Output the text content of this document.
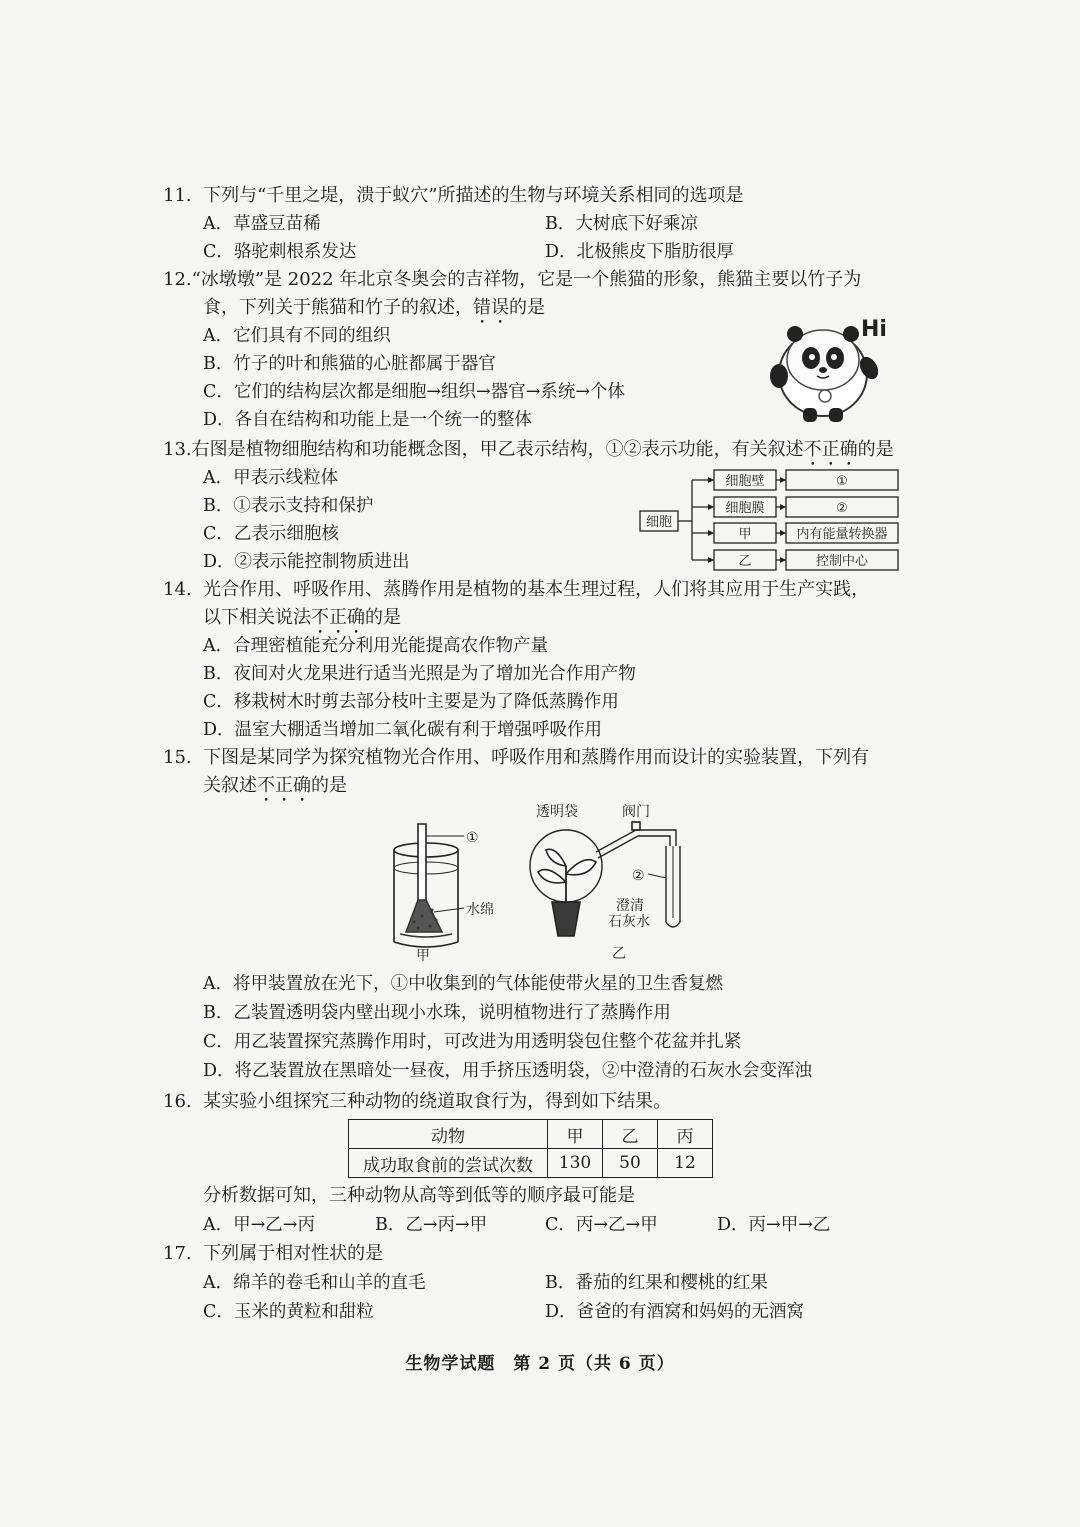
11. 下列与“千里之堤，溃于蚁穴”所描述的生物与环境关系相同的选项是
A．草盛豆苗稀	B．大树底下好乘凉
C．骆驼刺根系发达	D．北极熊皮下脂肪很厚
12.“冰墩墩”是 2022 年北京冬奥会的吉祥物，它是一个熊猫的形象，熊猫主要以竹子为
食，下列关于熊猫和竹子的叙述，错误的是
A．它们具有不同的组织
B．竹子的叶和熊猫的心脏都属于器官
C．它们的结构层次都是细胞→组织→器官→系统→个体
D．各自在结构和功能上是一个统一的整体
Hi
13.右图是植物细胞结构和功能概念图，甲乙表示结构，①②表示功能，有关叙述不正确的是
A．甲表示线粒体
B．①表示支持和保护
C．乙表示细胞核
D．②表示能控制物质进出
细胞
细胞壁
细胞膜
甲
乙
①
②
内有能量转换器
控制中心
14. 光合作用、呼吸作用、蒸腾作用是植物的基本生理过程，人们将其应用于生产实践，
以下相关说法不正确的是
A．合理密植能充分利用光能提高农作物产量
B．夜间对火龙果进行适当光照是为了增加光合作用产物
C．移栽树木时剪去部分枝叶主要是为了降低蒸腾作用
D．温室大棚适当增加二氧化碳有利于增强呼吸作用
15. 下图是某同学为探究植物光合作用、呼吸作用和蒸腾作用而设计的实验装置，下列有
关叙述不正确的是
①
水绵
甲
透明袋	阀门
②
澄清
石灰水
乙
A．将甲装置放在光下，①中收集到的气体能使带火星的卫生香复燃
B．乙装置透明袋内壁出现小水珠，说明植物进行了蒸腾作用
C．用乙装置探究蒸腾作用时，可改进为用透明袋包住整个花盆并扎紧
D．将乙装置放在黑暗处一昼夜，用手挤压透明袋，②中澄清的石灰水会变浑浊
16. 某实验小组探究三种动物的绕道取食行为，得到如下结果。
动物	甲	乙	丙
成功取食前的尝试次数	130	50	12
分析数据可知，三种动物从高等到低等的顺序最可能是
A．甲→乙→丙	B．乙→丙→甲	C．丙→乙→甲	D．丙→甲→乙
17. 下列属于相对性状的是
A．绵羊的卷毛和山羊的直毛	B．番茄的红果和樱桃的红果
C．玉米的黄粒和甜粒	D．爸爸的有酒窝和妈妈的无酒窝
生物学试题　第 2 页（共 6 页）
